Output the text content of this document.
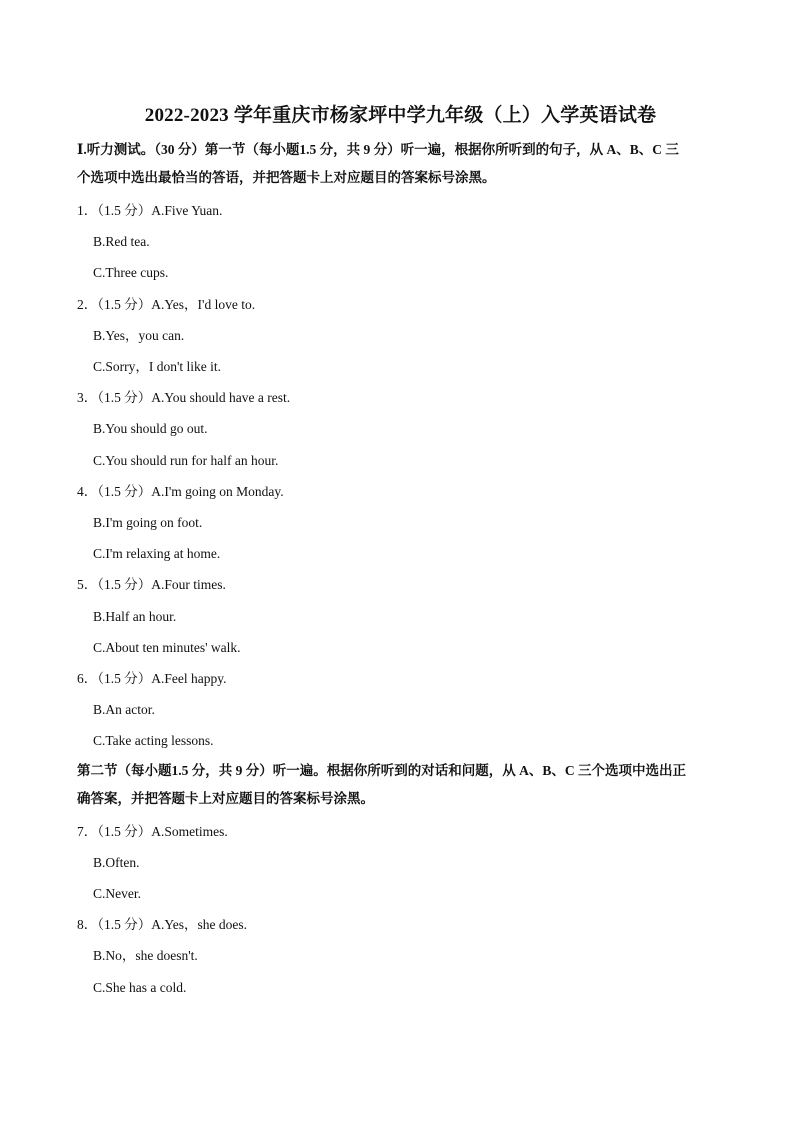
2022-2023 学年重庆市杨家坪中学九年级（上）入学英语试卷
Ⅰ.听力测试。（30 分）第一节（每小题1.5 分，共 9 分）听一遍，根据你所听到的句子，从 A、B、C 三
个选项中选出最恰当的答语，并把答题卡上对应题目的答案标号涂黑。
1．（1.5 分）A.Five Yuan.
B.Red tea.
C.Three cups.
2．（1.5 分）A.Yes，I'd love to.
B.Yes，you can.
C.Sorry，I don't like it.
3．（1.5 分）A.You should have a rest.
B.You should go out.
C.You should run for half an hour.
4．（1.5 分）A.I'm going on Monday.
B.I'm going on foot.
C.I'm relaxing at home.
5．（1.5 分）A.Four times.
B.Half an hour.
C.About ten minutes' walk.
6．（1.5 分）A.Feel happy.
B.An actor.
C.Take acting lessons.
第二节（每小题1.5 分，共 9 分）听一遍。根据你所听到的对话和问题，从 A、B、C 三个选项中选出正
确答案，并把答题卡上对应题目的答案标号涂黑。
7．（1.5 分）A.Sometimes.
B.Often.
C.Never.
8．（1.5 分）A.Yes，she does.
B.No，she doesn't.
C.She has a cold.
